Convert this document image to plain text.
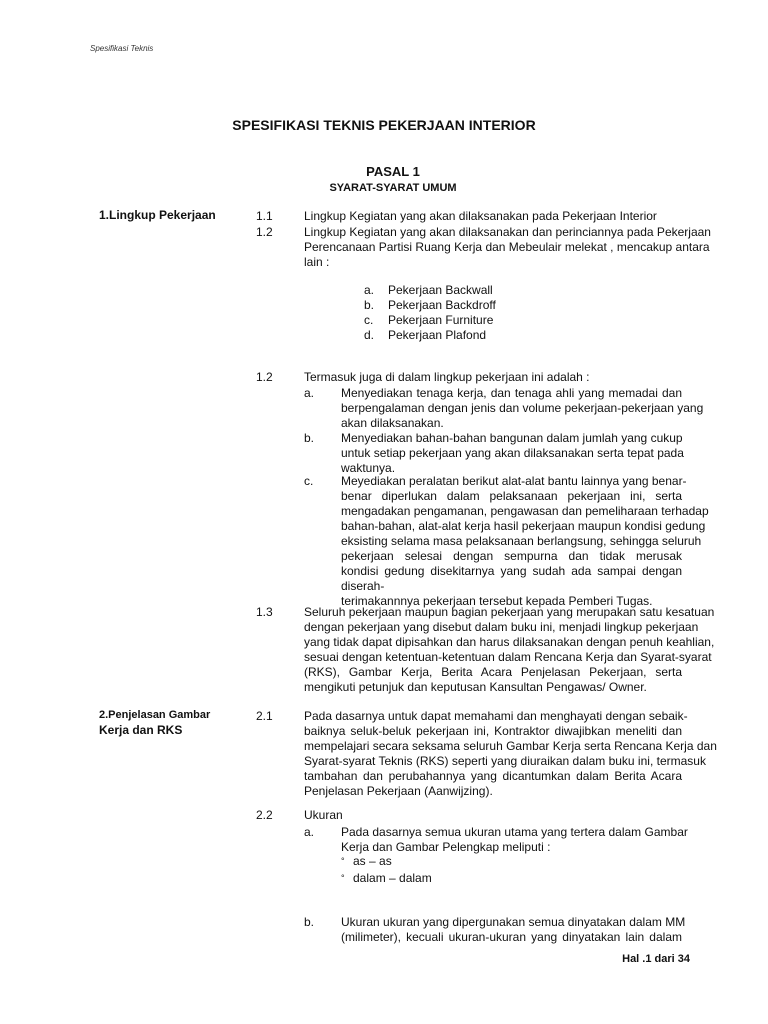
Spesifikasi Teknis
SPESIFIKASI TEKNIS PEKERJAAN INTERIOR
PASAL 1
SYARAT-SYARAT UMUM
1.Lingkup Pekerjaan	1.1	Lingkup Kegiatan yang akan dilaksanakan pada Pekerjaan Interior
1.2	Lingkup Kegiatan yang akan dilaksanakan dan perinciannya pada Pekerjaan
Perencanaan Partisi Ruang Kerja dan Mebeulair melekat , mencakup antara
lain :
a. Pekerjaan Backwall
b. Pekerjaan Backdroff
c. Pekerjaan Furniture
d. Pekerjaan Plafond
1.2	Termasuk juga di dalam lingkup pekerjaan ini adalah :
a. Menyediakan tenaga kerja, dan tenaga ahli yang memadai dan
berpengalaman dengan jenis dan volume pekerjaan-pekerjaan yang
akan dilaksanakan.
b. Menyediakan bahan-bahan bangunan dalam jumlah yang cukup
untuk setiap pekerjaan yang akan dilaksanakan serta tepat pada
waktunya.
c. Meyediakan peralatan berikut alat-alat bantu lainnya yang benar-
benar diperlukan dalam pelaksanaan pekerjaan ini, serta
mengadakan pengamanan, pengawasan dan pemeliharaan terhadap
bahan-bahan, alat-alat kerja hasil pekerjaan maupun kondisi gedung
eksisting selama masa pelaksanaan berlangsung, sehingga seluruh
pekerjaan selesai dengan sempurna dan tidak merusak
kondisi gedung disekitarnya yang sudah ada sampai dengan
diserah-
terimakannnya pekerjaan tersebut kepada Pemberi Tugas.
1.3	Seluruh pekerjaan maupun bagian pekerjaan yang merupakan satu kesatuan
dengan pekerjaan yang disebut dalam buku ini, menjadi lingkup pekerjaan
yang tidak dapat dipisahkan dan harus dilaksanakan dengan penuh keahlian,
sesuai dengan ketentuan-ketentuan dalam Rencana Kerja dan Syarat-syarat
(RKS), Gambar Kerja, Berita Acara Penjelasan Pekerjaan, serta
mengikuti petunjuk dan keputusan Kansultan Pengawas/ Owner.
2.Penjelasan Gambar
Kerja dan RKS
2.1	Pada dasarnya untuk dapat memahami dan menghayati dengan sebaik-
baiknya seluk-beluk pekerjaan ini, Kontraktor diwajibkan meneliti dan
mempelajari secara seksama seluruh Gambar Kerja serta Rencana Kerja dan
Syarat-syarat Teknis (RKS) seperti yang diuraikan dalam buku ini, termasuk
tambahan dan perubahannya yang dicantumkan dalam Berita Acara
Penjelasan Pekerjaan (Aanwijzing).
2.2	Ukuran
a. Pada dasarnya semua ukuran utama yang tertera dalam Gambar
Kerja dan Gambar Pelengkap meliputi :
° as – as
° dalam – dalam
b. Ukuran ukuran yang dipergunakan semua dinyatakan dalam MM
(milimeter), kecuali ukuran-ukuran yang dinyatakan lain dalam
Hal .1 dari 34
